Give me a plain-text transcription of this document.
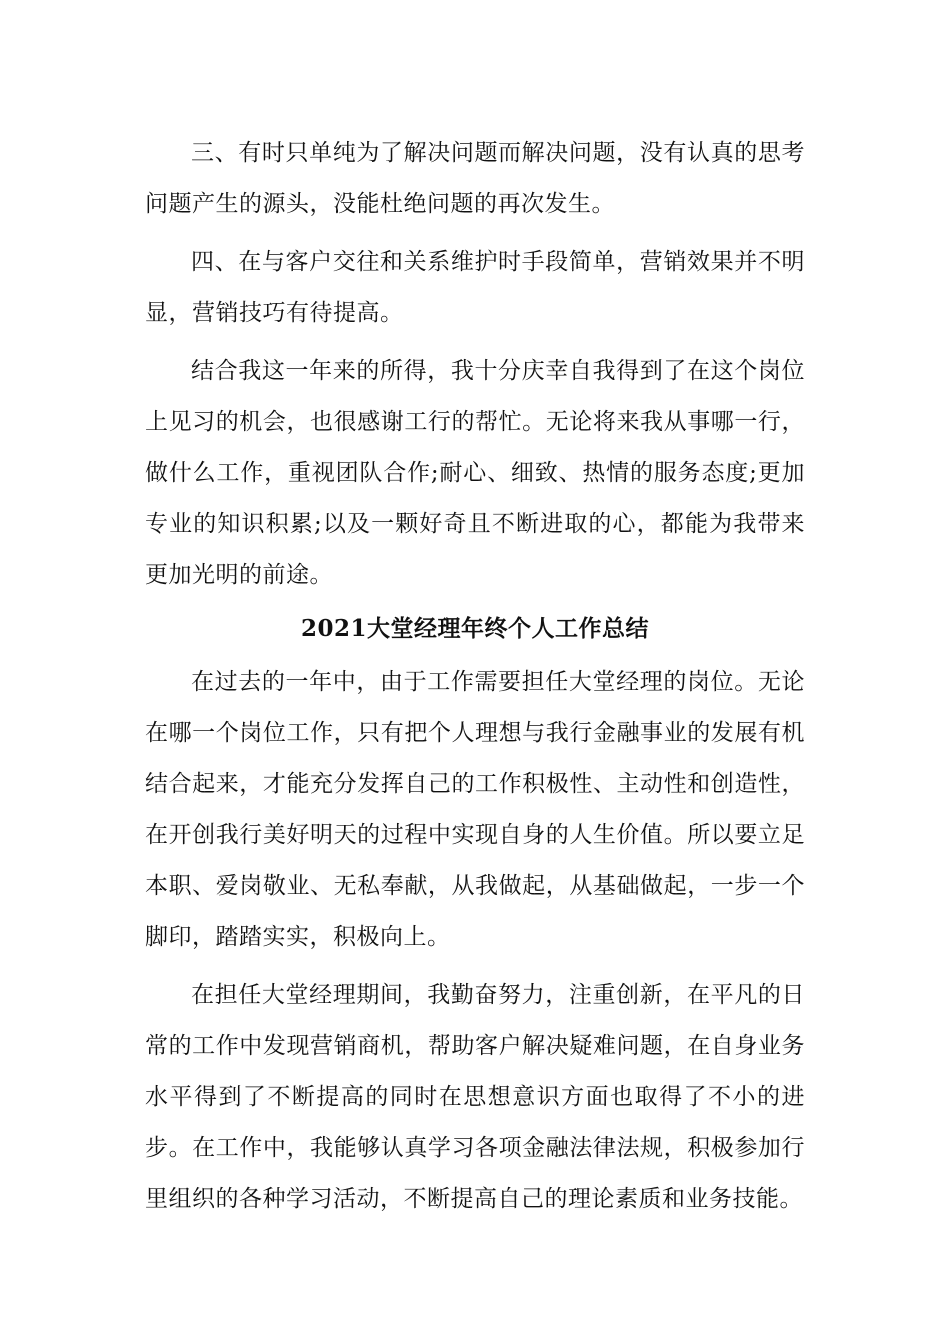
三、有时只单纯为了解决问题而解决问题，没有认真的思考问题产生的源头，没能杜绝问题的再次发生。

四、在与客户交往和关系维护时手段简单，营销效果并不明显，营销技巧有待提高。

结合我这一年来的所得，我十分庆幸自我得到了在这个岗位上见习的机会，也很感谢工行的帮忙。无论将来我从事哪一行，做什么工作，重视团队合作;耐心、细致、热情的服务态度;更加专业的知识积累;以及一颗好奇且不断进取的心，都能为我带来更加光明的前途。

2021大堂经理年终个人工作总结

在过去的一年中，由于工作需要担任大堂经理的岗位。无论在哪一个岗位工作，只有把个人理想与我行金融事业的发展有机结合起来，才能充分发挥自己的工作积极性、主动性和创造性，在开创我行美好明天的过程中实现自身的人生价值。所以要立足本职、爱岗敬业、无私奉献，从我做起，从基础做起，一步一个脚印，踏踏实实，积极向上。

在担任大堂经理期间，我勤奋努力，注重创新，在平凡的日常的工作中发现营销商机，帮助客户解决疑难问题，在自身业务水平得到了不断提高的同时在思想意识方面也取得了不小的进步。在工作中，我能够认真学习各项金融法律法规，积极参加行里组织的各种学习活动，不断提高自己的理论素质和业务技能。
